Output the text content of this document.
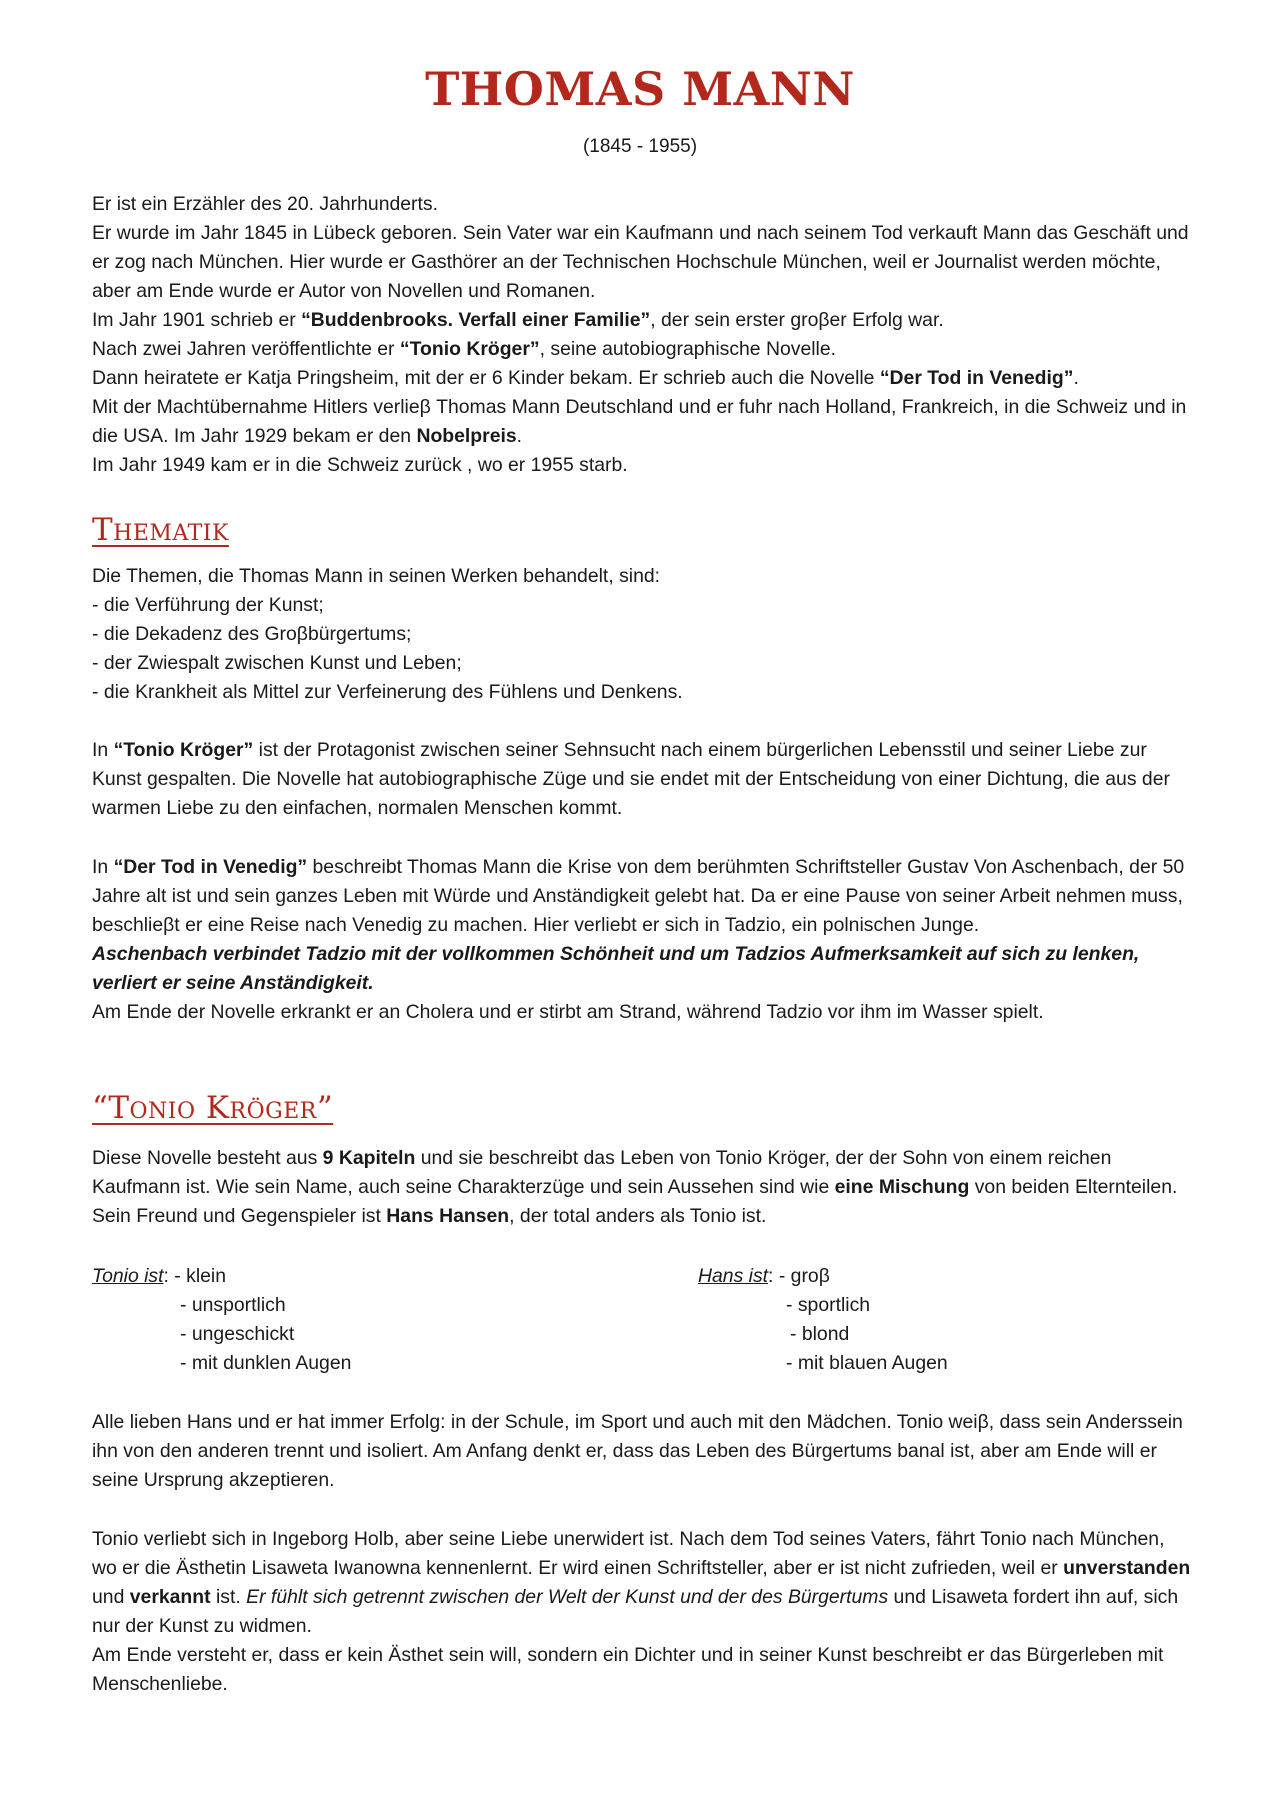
THOMAS MANN
(1845 - 1955)

Er ist ein Erzähler des 20. Jahrhunderts.

Er wurde im Jahr 1845 in Lübeck geboren. Sein Vater war ein Kaufmann und nach seinem Tod verkauft Mann das Geschäft und er zog nach München. Hier wurde er Gasthörer an der Technischen Hochschule München, weil er Journalist werden möchte, aber am Ende wurde er Autor von Novellen und Romanen.

Im Jahr 1901 schrieb er “Buddenbrooks. Verfall einer Familie”, der sein erster groβer Erfolg war.

Nach zwei Jahren veröffentlichte er “Tonio Kröger”, seine autobiographische Novelle.

Dann heiratete er Katja Pringsheim, mit der er 6 Kinder bekam. Er schrieb auch die Novelle “Der Tod in Venedig”.

Mit der Machtübernahme Hitlers verlieβ Thomas Mann Deutschland und er fuhr nach Holland, Frankreich, in die Schweiz und in die USA. Im Jahr 1929 bekam er den Nobelpreis.

Im Jahr 1949 kam er in die Schweiz zurück , wo er 1955 starb.

Thematik

Die Themen, die Thomas Mann in seinen Werken behandelt, sind:

- die Verführung der Kunst;

- die Dekadenz des Groβbürgertums;

- der Zwiespalt zwischen Kunst und Leben;

- die Krankheit als Mittel zur Verfeinerung des Fühlens und Denkens.

In “Tonio Kröger” ist der Protagonist zwischen seiner Sehnsucht nach einem bürgerlichen Lebensstil und seiner Liebe zur Kunst gespalten. Die Novelle hat autobiographische Züge und sie endet mit der Entscheidung von einer Dichtung, die aus der warmen Liebe zu den einfachen, normalen Menschen kommt.

In “Der Tod in Venedig” beschreibt Thomas Mann die Krise von dem berühmten Schriftsteller Gustav Von Aschenbach, der 50 Jahre alt ist und sein ganzes Leben mit Würde und Anständigkeit gelebt hat. Da er eine Pause von seiner Arbeit nehmen muss, beschlieβt er eine Reise nach Venedig zu machen. Hier verliebt er sich in Tadzio, ein polnischen Junge.

Aschenbach verbindet Tadzio mit der vollkommen Schönheit und um Tadzios Aufmerksamkeit auf sich zu lenken, verliert er seine Anständigkeit.

Am Ende der Novelle erkrankt er an Cholera und er stirbt am Strand, während Tadzio vor ihm im Wasser spielt.

“Tonio Kröger”

Diese Novelle besteht aus 9 Kapiteln und sie beschreibt das Leben von Tonio Kröger, der der Sohn von einem reichen Kaufmann ist. Wie sein Name, auch seine Charakterzüge und sein Aussehen sind wie eine Mischung von beiden Elternteilen. Sein Freund und Gegenspieler ist Hans Hansen, der total anders als Tonio ist.

Tonio ist: - klein
- unsportlich
- ungeschickt
- mit dunklen Augen
Hans ist: - groβ
- sportlich
- blond
- mit blauen Augen

Alle lieben Hans und er hat immer Erfolg: in der Schule, im Sport und auch mit den Mädchen. Tonio weiβ, dass sein Anderssein ihn von den anderen trennt und isoliert. Am Anfang denkt er, dass das Leben des Bürgertums banal ist, aber am Ende will er seine Ursprung akzeptieren.

Tonio verliebt sich in Ingeborg Holb, aber seine Liebe unerwidert ist. Nach dem Tod seines Vaters, fährt Tonio nach München, wo er die Ästhetin Lisaweta Iwanowna kennenlernt. Er wird einen Schriftsteller, aber er ist nicht zufrieden, weil er unverstanden und verkannt ist. Er fühlt sich getrennt zwischen der Welt der Kunst und der des Bürgertums und Lisaweta fordert ihn auf, sich nur der Kunst zu widmen.

Am Ende versteht er, dass er kein Ästhet sein will, sondern ein Dichter und in seiner Kunst beschreibt er das Bürgerleben mit Menschenliebe.
